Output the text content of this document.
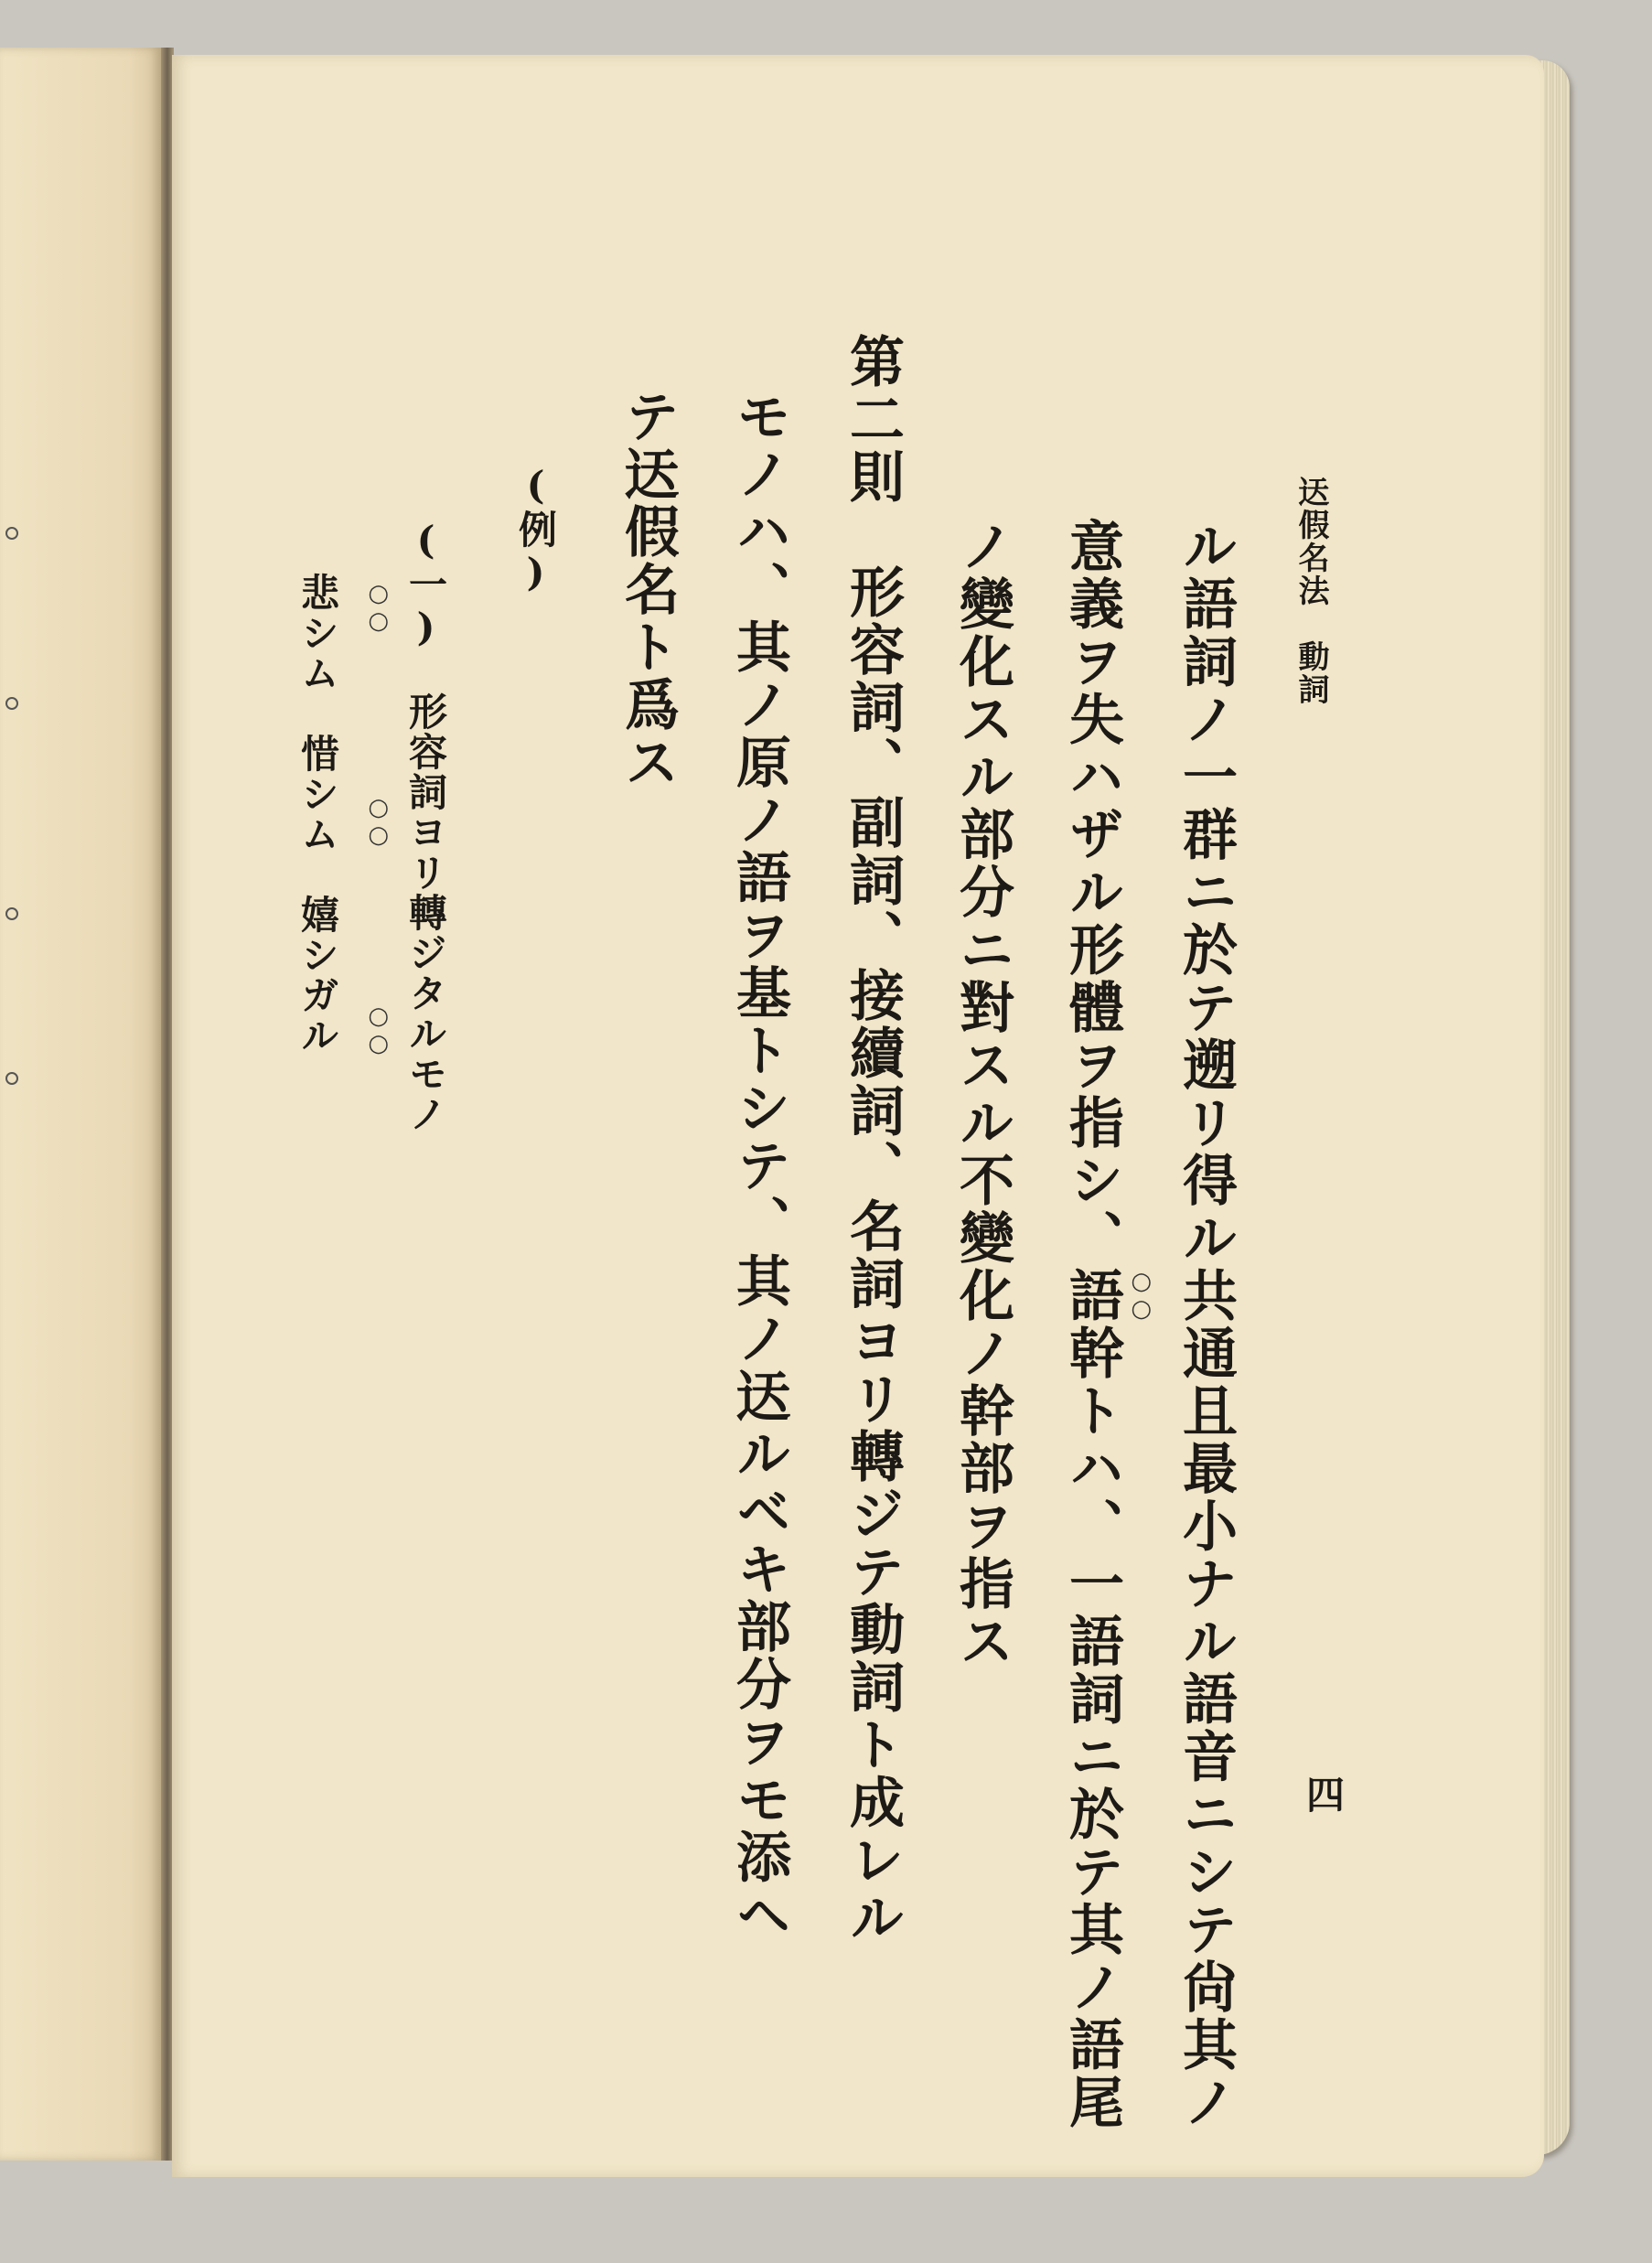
迗假名法　動詞
四
ル語詞ノ一群ニ於テ遡リ得ル共通且最小ナル語音ニシテ尙其ノ
意義ヲ失ハザル形體ヲ指シ、語幹トハ、一語詞ニ於テ其ノ語尾 ○○
ノ變化スル部分ニ對スル不變化ノ幹部ヲ指ス
第二則　形容詞、副詞、接續詞、名詞ヨリ轉ジテ動詞ト成レル
モノハ、其ノ原ノ語ヲ基トシテ、其ノ迗ルベキ部分ヲモ添ヘ
テ迗假名ト爲ス
(例)
(一)　形容詞ヨリ轉ジタルモノ
悲シム　惜シム　嬉シガル ○○
○○
○○
